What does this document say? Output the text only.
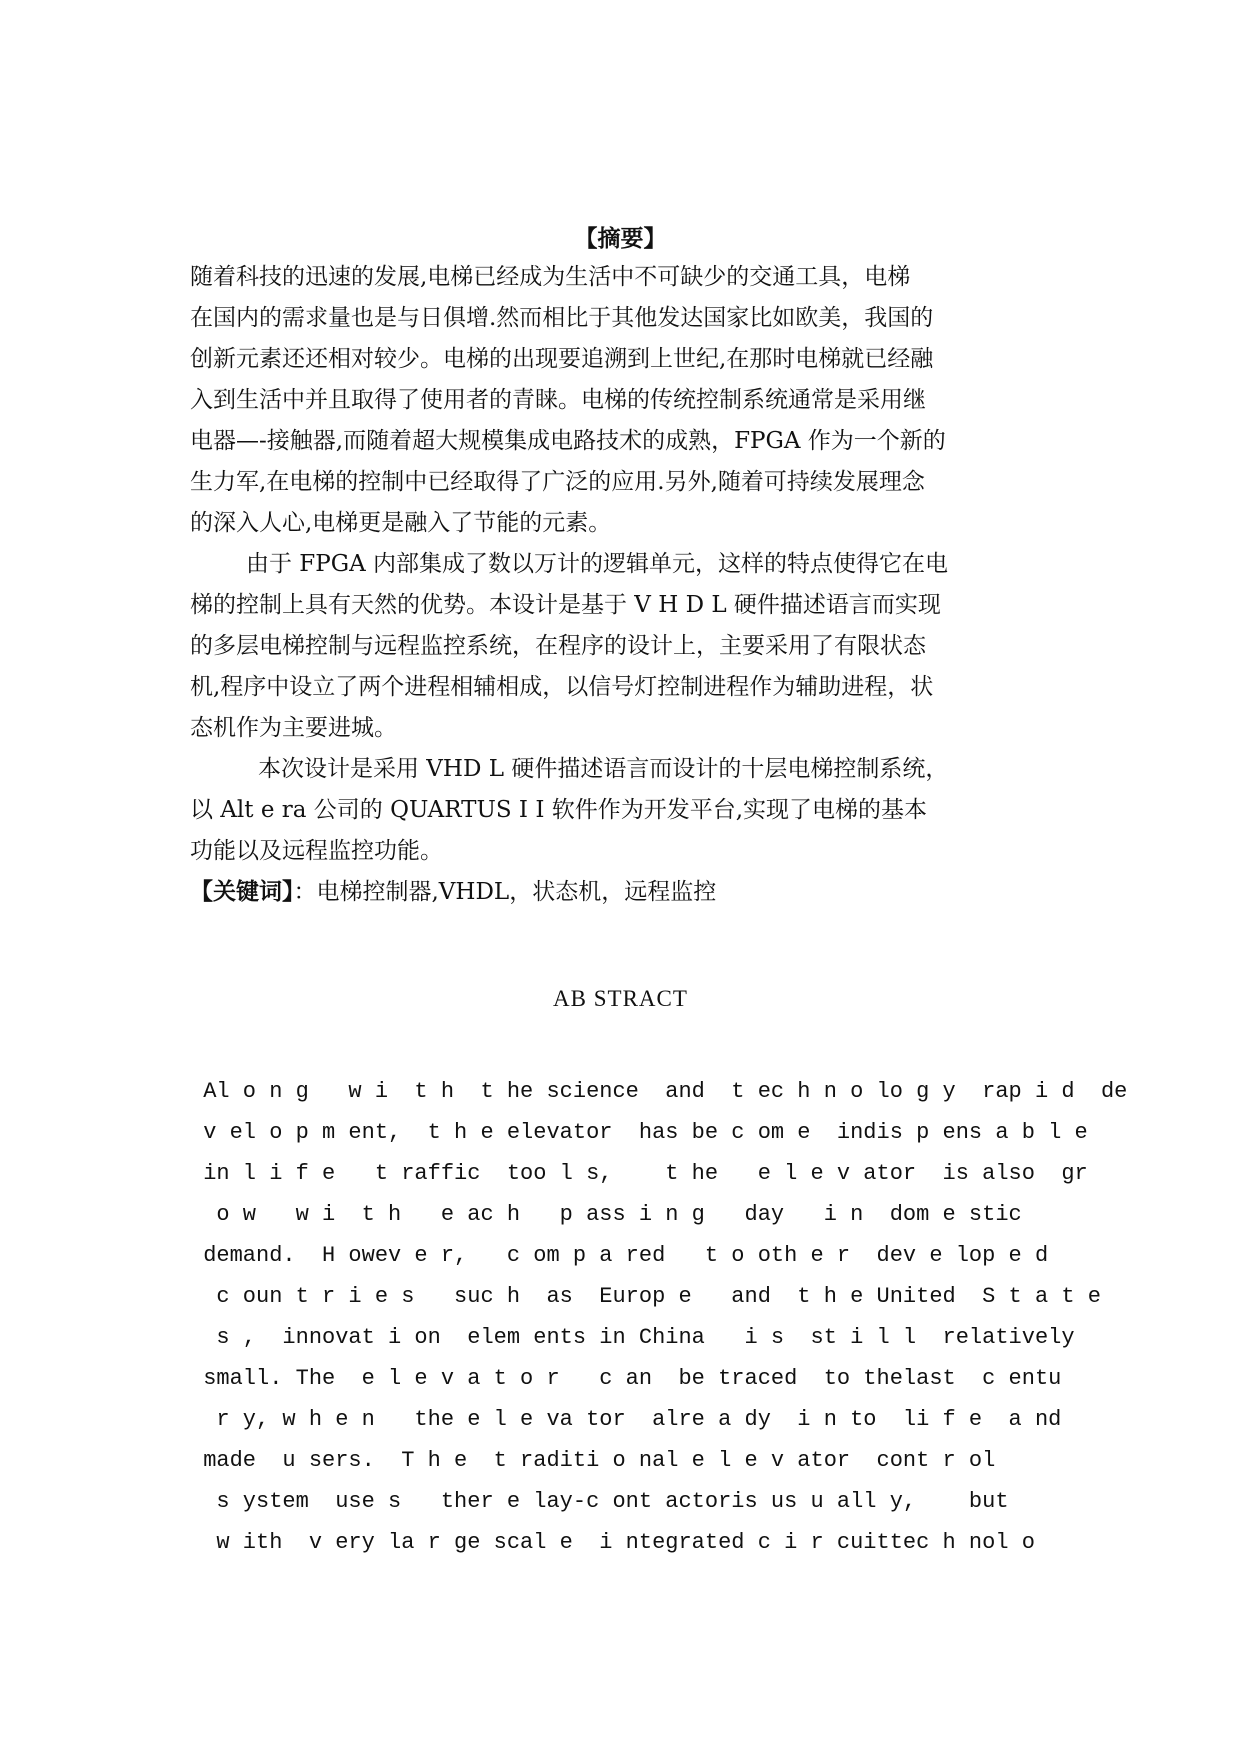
【摘要】
随着科技的迅速的发展,电梯已经成为生活中不可缺少的交通工具，电梯
在国内的需求量也是与日俱增.然而相比于其他发达国家比如欧美，我国的
创新元素还还相对较少。电梯的出现要追溯到上世纪,在那时电梯就已经融
入到生活中并且取得了使用者的青睐。电梯的传统控制系统通常是采用继
电器—-接触器,而随着超大规模集成电路技术的成熟，FPGA 作为一个新的
生力军,在电梯的控制中已经取得了广泛的应用.另外,随着可持续发展理念
的深入人心,电梯更是融入了节能的元素。
由于 FPGA 内部集成了数以万计的逻辑单元，这样的特点使得它在电
梯的控制上具有天然的优势。本设计是基于 V H D L 硬件描述语言而实现
的多层电梯控制与远程监控系统，在程序的设计上，主要采用了有限状态
机,程序中设立了两个进程相辅相成，以信号灯控制进程作为辅助进程，状
态机作为主要进城。
本次设计是采用 VHD L 硬件描述语言而设计的十层电梯控制系统，
以 Alt e ra 公司的 QUARTUS I I 软件作为开发平台,实现了电梯的基本
功能以及远程监控功能。
【关键词】：电梯控制器,VHDL，状态机，远程监控
AB STRACT
Al o n g   w i  t h  t he science  and  t ec h n o lo g y  rap i d  de
v el o p m ent,  t h e elevator  has be c om e  indis p ens a b l e
in l i f e   t raffic  too l s,    t he   e l e v ator  is also  gr
o w   w i  t h   e ac h   p ass i n g   day   i n  dom e stic
demand.  H owev e r,   c om p a red   t o oth e r  dev e lop e d
c oun t r i e s   suc h  as  Europ e   and  t h e United  S t a t e
s ,  innovat i on  elem ents in China   i s  st i l l  relatively
small. The  e l e v a t o r   c an  be traced  to thelast  c entu
r y, w h e n   the e l e va tor  alre a dy  i n to  li f e  a nd
made  u sers.  T h e  t raditi o nal e l e v ator  cont r ol
s ystem  use s   ther e lay-c ont actoris us u all y,    but
w ith  v ery la r ge scal e  i ntegrated c i r cuittec h nol o
